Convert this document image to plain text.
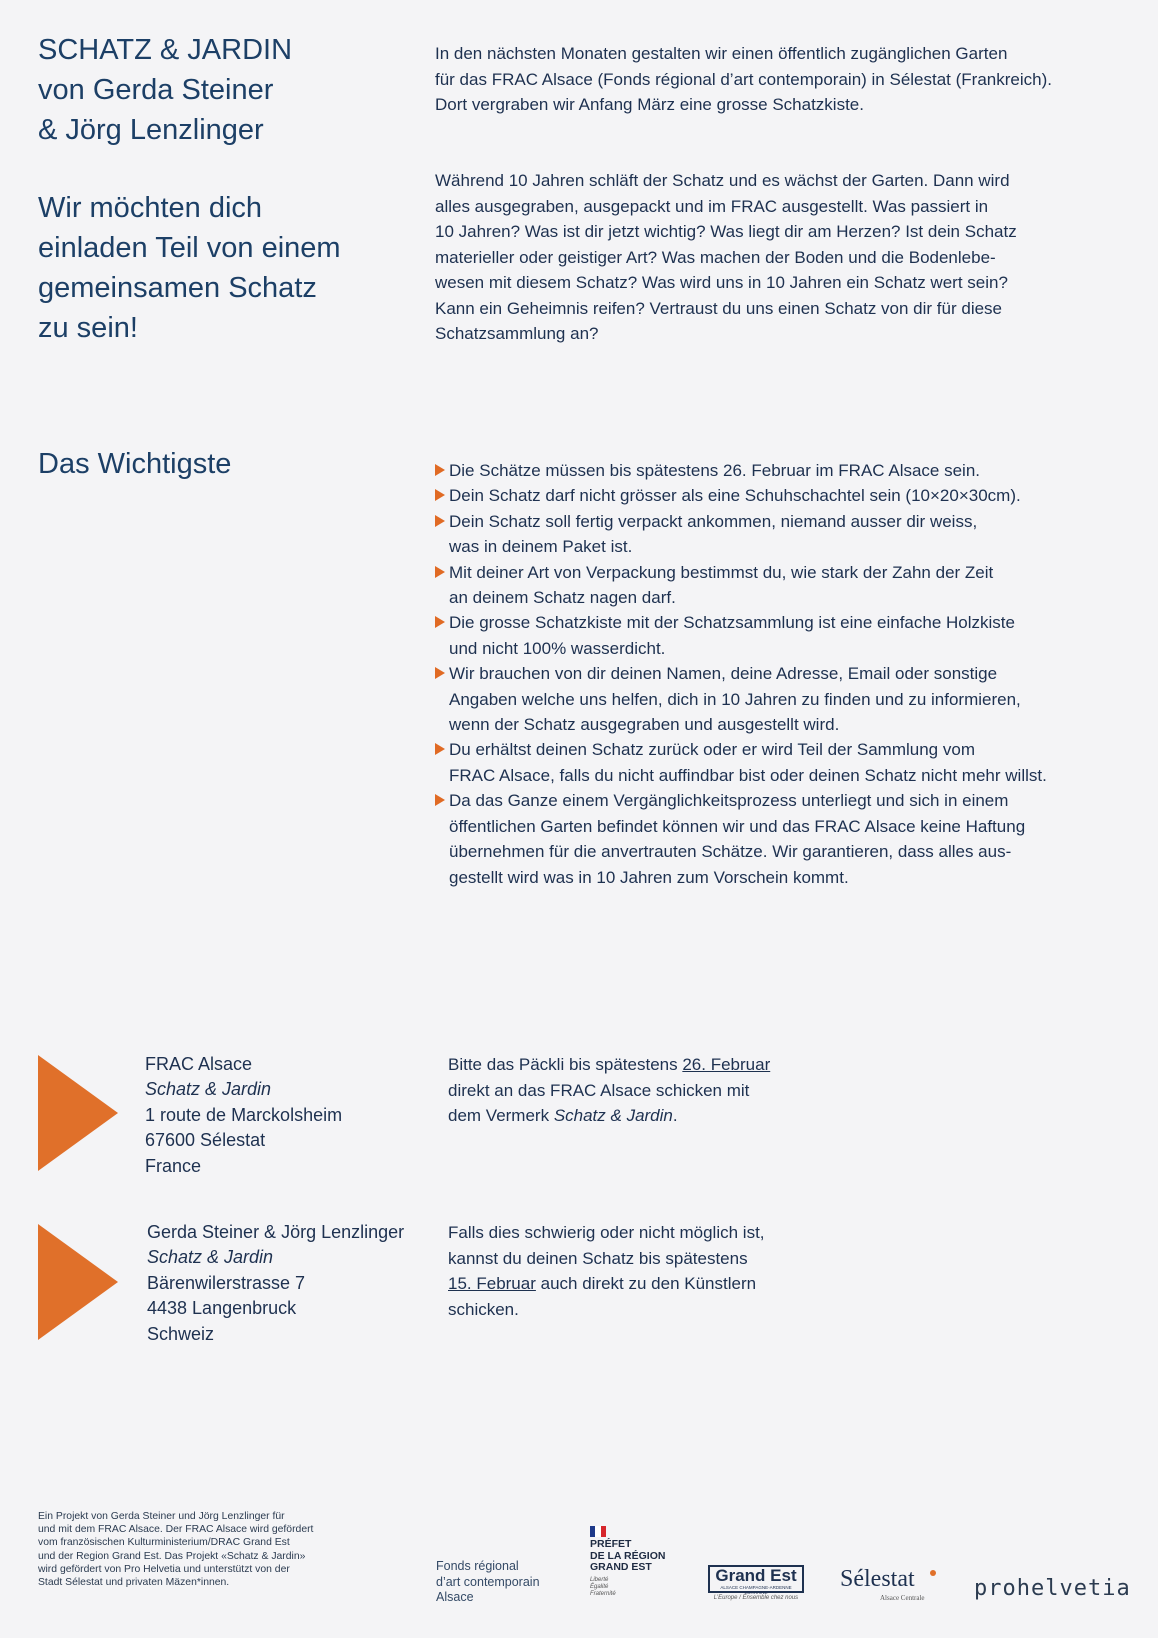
SCHATZ & JARDIN
von Gerda Steiner
& Jörg Lenzlinger
Wir möchten dich
einladen Teil von einem
gemeinsamen Schatz
zu sein!
In den nächsten Monaten gestalten wir einen öffentlich zugänglichen Garten
für das FRAC Alsace (Fonds régional d’art contemporain) in Sélestat (Frankreich).
Dort vergraben wir Anfang März eine grosse Schatzkiste.
Während 10 Jahren schläft der Schatz und es wächst der Garten. Dann wird
alles ausgegraben, ausgepackt und im FRAC ausgestellt. Was passiert in
10 Jahren? Was ist dir jetzt wichtig? Was liegt dir am Herzen? Ist dein Schatz
materieller oder geistiger Art? Was machen der Boden und die Bodenlebe-
wesen mit diesem Schatz? Was wird uns in 10 Jahren ein Schatz wert sein?
Kann ein Geheimnis reifen? Vertraust du uns einen Schatz von dir für diese
Schatzsammlung an?
Das Wichtigste	Die Schätze müssen bis spätestens 26. Februar im FRAC Alsace sein.
Dein Schatz darf nicht grösser als eine Schuhschachtel sein (10×20×30cm).
Dein Schatz soll fertig verpackt ankommen, niemand ausser dir weiss,
was in deinem Paket ist.
Mit deiner Art von Verpackung bestimmst du, wie stark der Zahn der Zeit
an deinem Schatz nagen darf.
Die grosse Schatzkiste mit der Schatzsammlung ist eine einfache Holzkiste
und nicht 100% wasserdicht.
Wir brauchen von dir deinen Namen, deine Adresse, Email oder sonstige
Angaben welche uns helfen, dich in 10 Jahren zu finden und zu informieren,
wenn der Schatz ausgegraben und ausgestellt wird.
Du erhältst deinen Schatz zurück oder er wird Teil der Sammlung vom
FRAC Alsace, falls du nicht auffindbar bist oder deinen Schatz nicht mehr willst.
Da das Ganze einem Vergänglichkeitsprozess unterliegt und sich in einem
öffentlichen Garten befindet können wir und das FRAC Alsace keine Haftung
übernehmen für die anvertrauten Schätze. Wir garantieren, dass alles aus-
gestellt wird was in 10 Jahren zum Vorschein kommt.
FRAC Alsace
Schatz & Jardin
1 route de Marckolsheim
67600 Sélestat
France
Bitte das Päckli bis spätestens 26. Februar
direkt an das FRAC Alsace schicken mit
dem Vermerk Schatz & Jardin.
Gerda Steiner & Jörg Lenzlinger
Schatz & Jardin
Bärenwilerstrasse 7
4438 Langenbruck
Schweiz
Falls dies schwierig oder nicht möglich ist,
kannst du deinen Schatz bis spätestens
15. Februar auch direkt zu den Künstlern
schicken.
Ein Projekt von Gerda Steiner und Jörg Lenzlinger für
und mit dem FRAC Alsace. Der FRAC Alsace wird gefördert
vom französischen Kulturministerium/DRAC Grand Est
und der Region Grand Est. Das Projekt «Schatz & Jardin»
wird gefördert von Pro Helvetia und unterstützt von der
Stadt Sélestat und privaten Mäzen*innen.
Fonds régional
d’art contemporain
Alsace
PRÉFET
DE LA RÉGION
GRAND EST
Liberté
Égalité
Fraternité
Grand Est
ALSACE CHAMPAGNE-ARDENNE LORRAINE
L’Europe / Ensemble chez nous
Sélestat
Alsace Centrale prohelvetia
